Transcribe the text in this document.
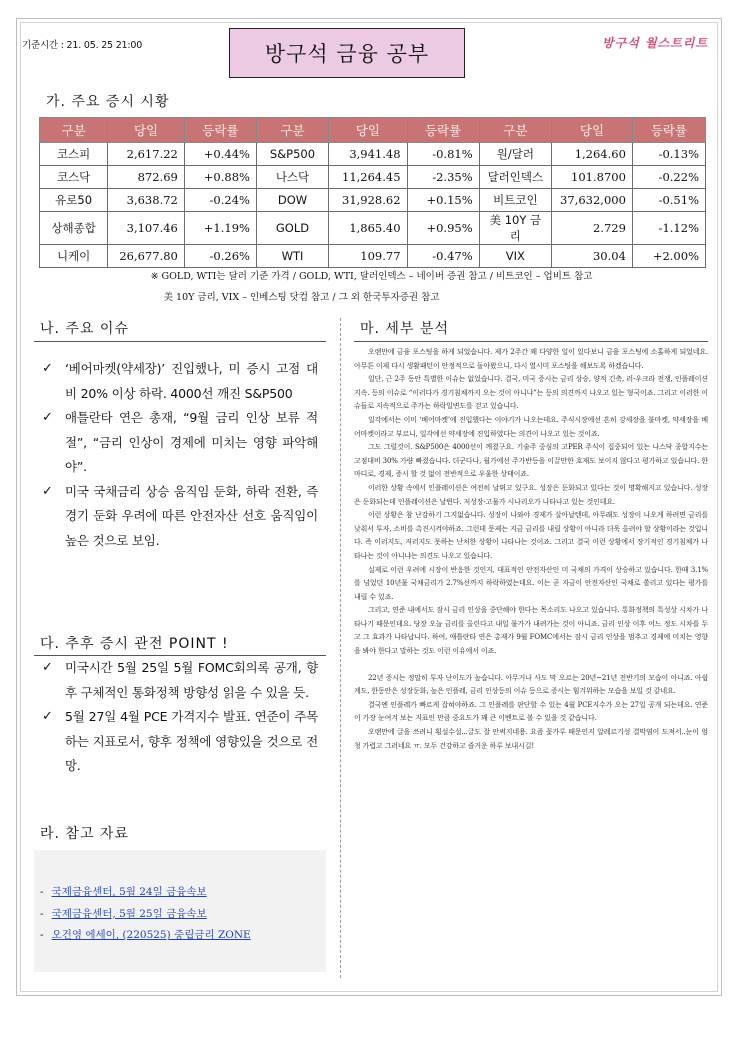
기준시간 : 21. 05. 25 21:00	방구석 금융 공부	방구석 월스트리트
가. 주요 증시 시황
구분	당일	등락률	구분	당일	등락률	구분	당일	등락률
코스피	2,617.22	+0.44%	S&P500	3,941.48	-0.81%	원/달러	1,264.60	-0.13%
코스닥	872.69	+0.88%	나스닥	11,264.45	-2.35%	달러인덱스	101.8700	-0.22%
유로50	3,638.72	-0.24%	DOW	31,928.62	+0.15%	비트코인	37,632,000	-0.51%
상해종합	3,107.46	+1.19%	GOLD	1,865.40	+0.95%	美 10Y 금리	2.729	-1.12%
니케이	26,677.80	-0.26%	WTI	109.77	-0.47%	VIX	30.04	+2.00%
※ GOLD, WTI는 달러 기준 가격 / GOLD, WTI, 달러인덱스 – 네이버 증권 참고 / 비트코인 – 업비트 참고
美 10Y 금리, VIX – 인베스팅 닷컴 참고 / 그 외 한국투자증권 참고
나. 주요 이슈
✓ ‘베어마켓(약세장)’ 진입했나, 미 증시 고점 대비 20% 이상 하락. 4000선 깨진 S&P500
✓ 애틀란타 연은 총재, “9월 금리 인상 보류 적절”, “금리 인상이 경제에 미치는 영향 파악해야”.
✓ 미국 국채금리 상승 움직임 둔화, 하락 전환, 즉 경기 둔화 우려에 따른 안전자산 선호 움직임이 높은 것으로 보임.
다. 추후 증시 관전 POINT !
✓ 미국시간 5월 25일 5월 FOMC회의록 공개, 향후 구체적인 통화정책 방향성 읽을 수 있을 듯.
✓ 5월 27일 4월 PCE 가격지수 발표. 연준이 주목하는 지표로서, 향후 정책에 영향있을 것으로 전망.
라. 참고 자료
- 국제금융센터, 5월 24일 금융속보
- 국제금융센터, 5월 25일 금융속보
- 오건영 에세이, (220525) 중립금리 ZONE
마. 세부 분석

오랜만에 금융 포스팅을 하게 되었습니다. 제가 2주간 꽤 다양한 일이 있다보니 금융 포스팅에 소홀하게 되었네요. 아무튼 이제 다시 생활패턴이 안정적으로 돌아왔으니, 다시 열시미 포스팅을 해보도록 하겠습니다.

일단, 근 2주 동안 특별한 이슈는 없었습니다. 결국, 미국 증시는 금리 상승, 양적 긴축, 러-우크라 전쟁, 인플레이션 지속. 등의 이슈로 “이러다가 경기침체까지 오는 것이 아니냐”는 등의 의견까지 나오고 있는 형국이죠. 그리고 이러한 이슈들로 지속적으로 주가는 하락일변도를 걷고 있습니다.

일각에서는 이미 ‘베어마켓’에 진입했다는 이야기가 나오는데요. 주식시장에선 흔히 강세장을 불마켓, 약세장을 베어마켓이라고 부르니, 일각에선 약세장에 진입하였다는 의견이 나오고 있는 것이죠.

그도 그럴것이. S&P500은 4000선이 깨졌구요. 기술주 중심의 고PER 주식이 집중되어 있는 나스닥 종합지수는 고점대비 30% 가량 빠졌습니다. 더군다나, 월가에선 주가반등을 이끌만한 호재도 보이지 않다고 평가하고 있습니다. 한마디로, 경제, 증시 할 것 없이 전반적으로 우울한 상태이죠.

이러한 상황 속에서 인플레이션은 여전히 날뛰고 있구요. 성장은 둔화되고 있다는 것이 명확해지고 있습니다. 성장은 둔화되는데 인플레이션은 날뛴다. 저성장-고물가 시나리오가 나타나고 있는 것인데요.

이런 상황은 참 난감하기 그지없습니다. 성장이 나와야 경제가 살아날텐데, 아무래도 성장이 나오게 하려면 금리를 낮춰서 투자, 소비를 촉진시켜야하죠. 그런데 문제는 지금 금리를 내릴 상황이 아니라 더욱 올려야 할 상황이라는 것입니다. 즉 이러지도, 저러지도 못하는 난처한 상황이 나타나는 것이죠. 그리고 결국 이런 상황에서 장기적인 경기침체가 나타나는 것이 아니냐는 의견도 나오고 있습니다.

실제로 이런 우려에 시장이 반응한 것인지, 대표적인 안전자산인 미 국채의 가격이 상승하고 있습니다. 한때 3.1%를 넘었던 10년물 국채금리가 2.7%선까지 하락하였는데요. 이는 곧 자금이 안전자산인 국채로 쏠리고 있다는 평가를 내릴 수 있죠.

그리고, 연준 내에서도 잠시 금리 인상을 중단해야 한다는 목소리도 나오고 있습니다. 통화정책의 특성상 시차가 나타나기 때문인데요. 당장 오늘 금리를 올린다고 내일 물가가 내려가는 것이 아니죠. 금리 인상 이후 어느 정도 시차를 두고 그 효과가 나타납니다. 하여, 애틀란타 연은 총재가 9월 FOMC에서는 잠시 금리 인상을 멈추고 경제에 미치는 영향을 봐야 한다고 말하는 것도 이런 이유에서 이죠.

22년 증시는 정말히 투자 난이도가 높습니다. 아무거나 사도 막 오르는 20년~21년 전반기의 모습이 아니죠. 아쉽게도, 한동안은 성장둔화, 높은 인플레, 금리 인상등의 이슈 등으로 증시는 힘겨워하는 모습을 보일 것 같네요.

결국엔 인플레가 빠르게 잡혀야하죠. 그 인플레를 판단할 수 있는 4월 PCE지수가 오는 27일 공개 되는데요. 연준이 가장 눈여겨 보는 지표인 만큼 중요도가 꽤 큰 이벤트로 볼 수 있을 것 같습니다.

오랜만에 글을 쓰려니 횡설수설...글도 잘 안써지네용. 요즘 꽃가루 때문인지 알레르기성 결막염이 도져서..눈이 엄청 가렵고 그러네요 ㅠ. 모두 건강하고 즐거운 하루 보내시길!
